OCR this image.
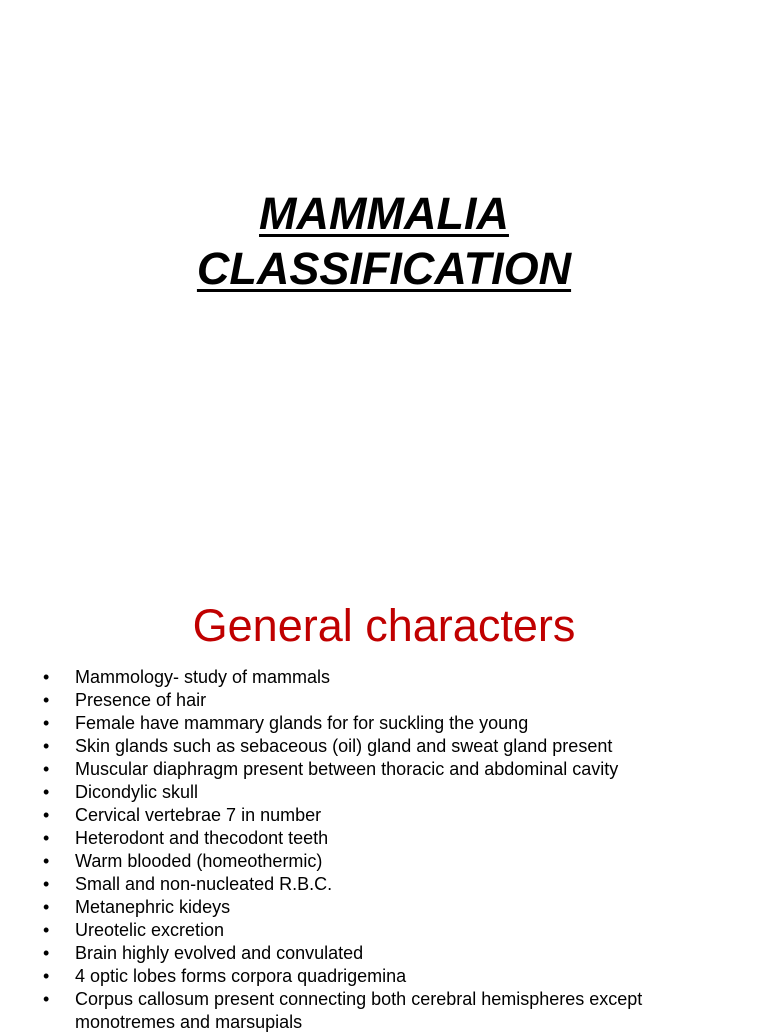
MAMMALIA
CLASSIFICATION
General characters
• Mammology- study of mammals
• Presence of hair
• Female have mammary glands for for suckling the young
• Skin glands such as sebaceous (oil) gland and sweat gland present
• Muscular diaphragm present between thoracic and abdominal cavity
• Dicondylic skull
• Cervical vertebrae 7 in number
• Heterodont and thecodont teeth
• Warm blooded (homeothermic)
• Small and non-nucleated R.B.C.
• Metanephric kideys
• Ureotelic excretion
• Brain highly evolved and convulated
• 4 optic lobes forms corpora quadrigemina
• Corpus callosum present connecting both cerebral hemispheres except monotremes and marsupials
